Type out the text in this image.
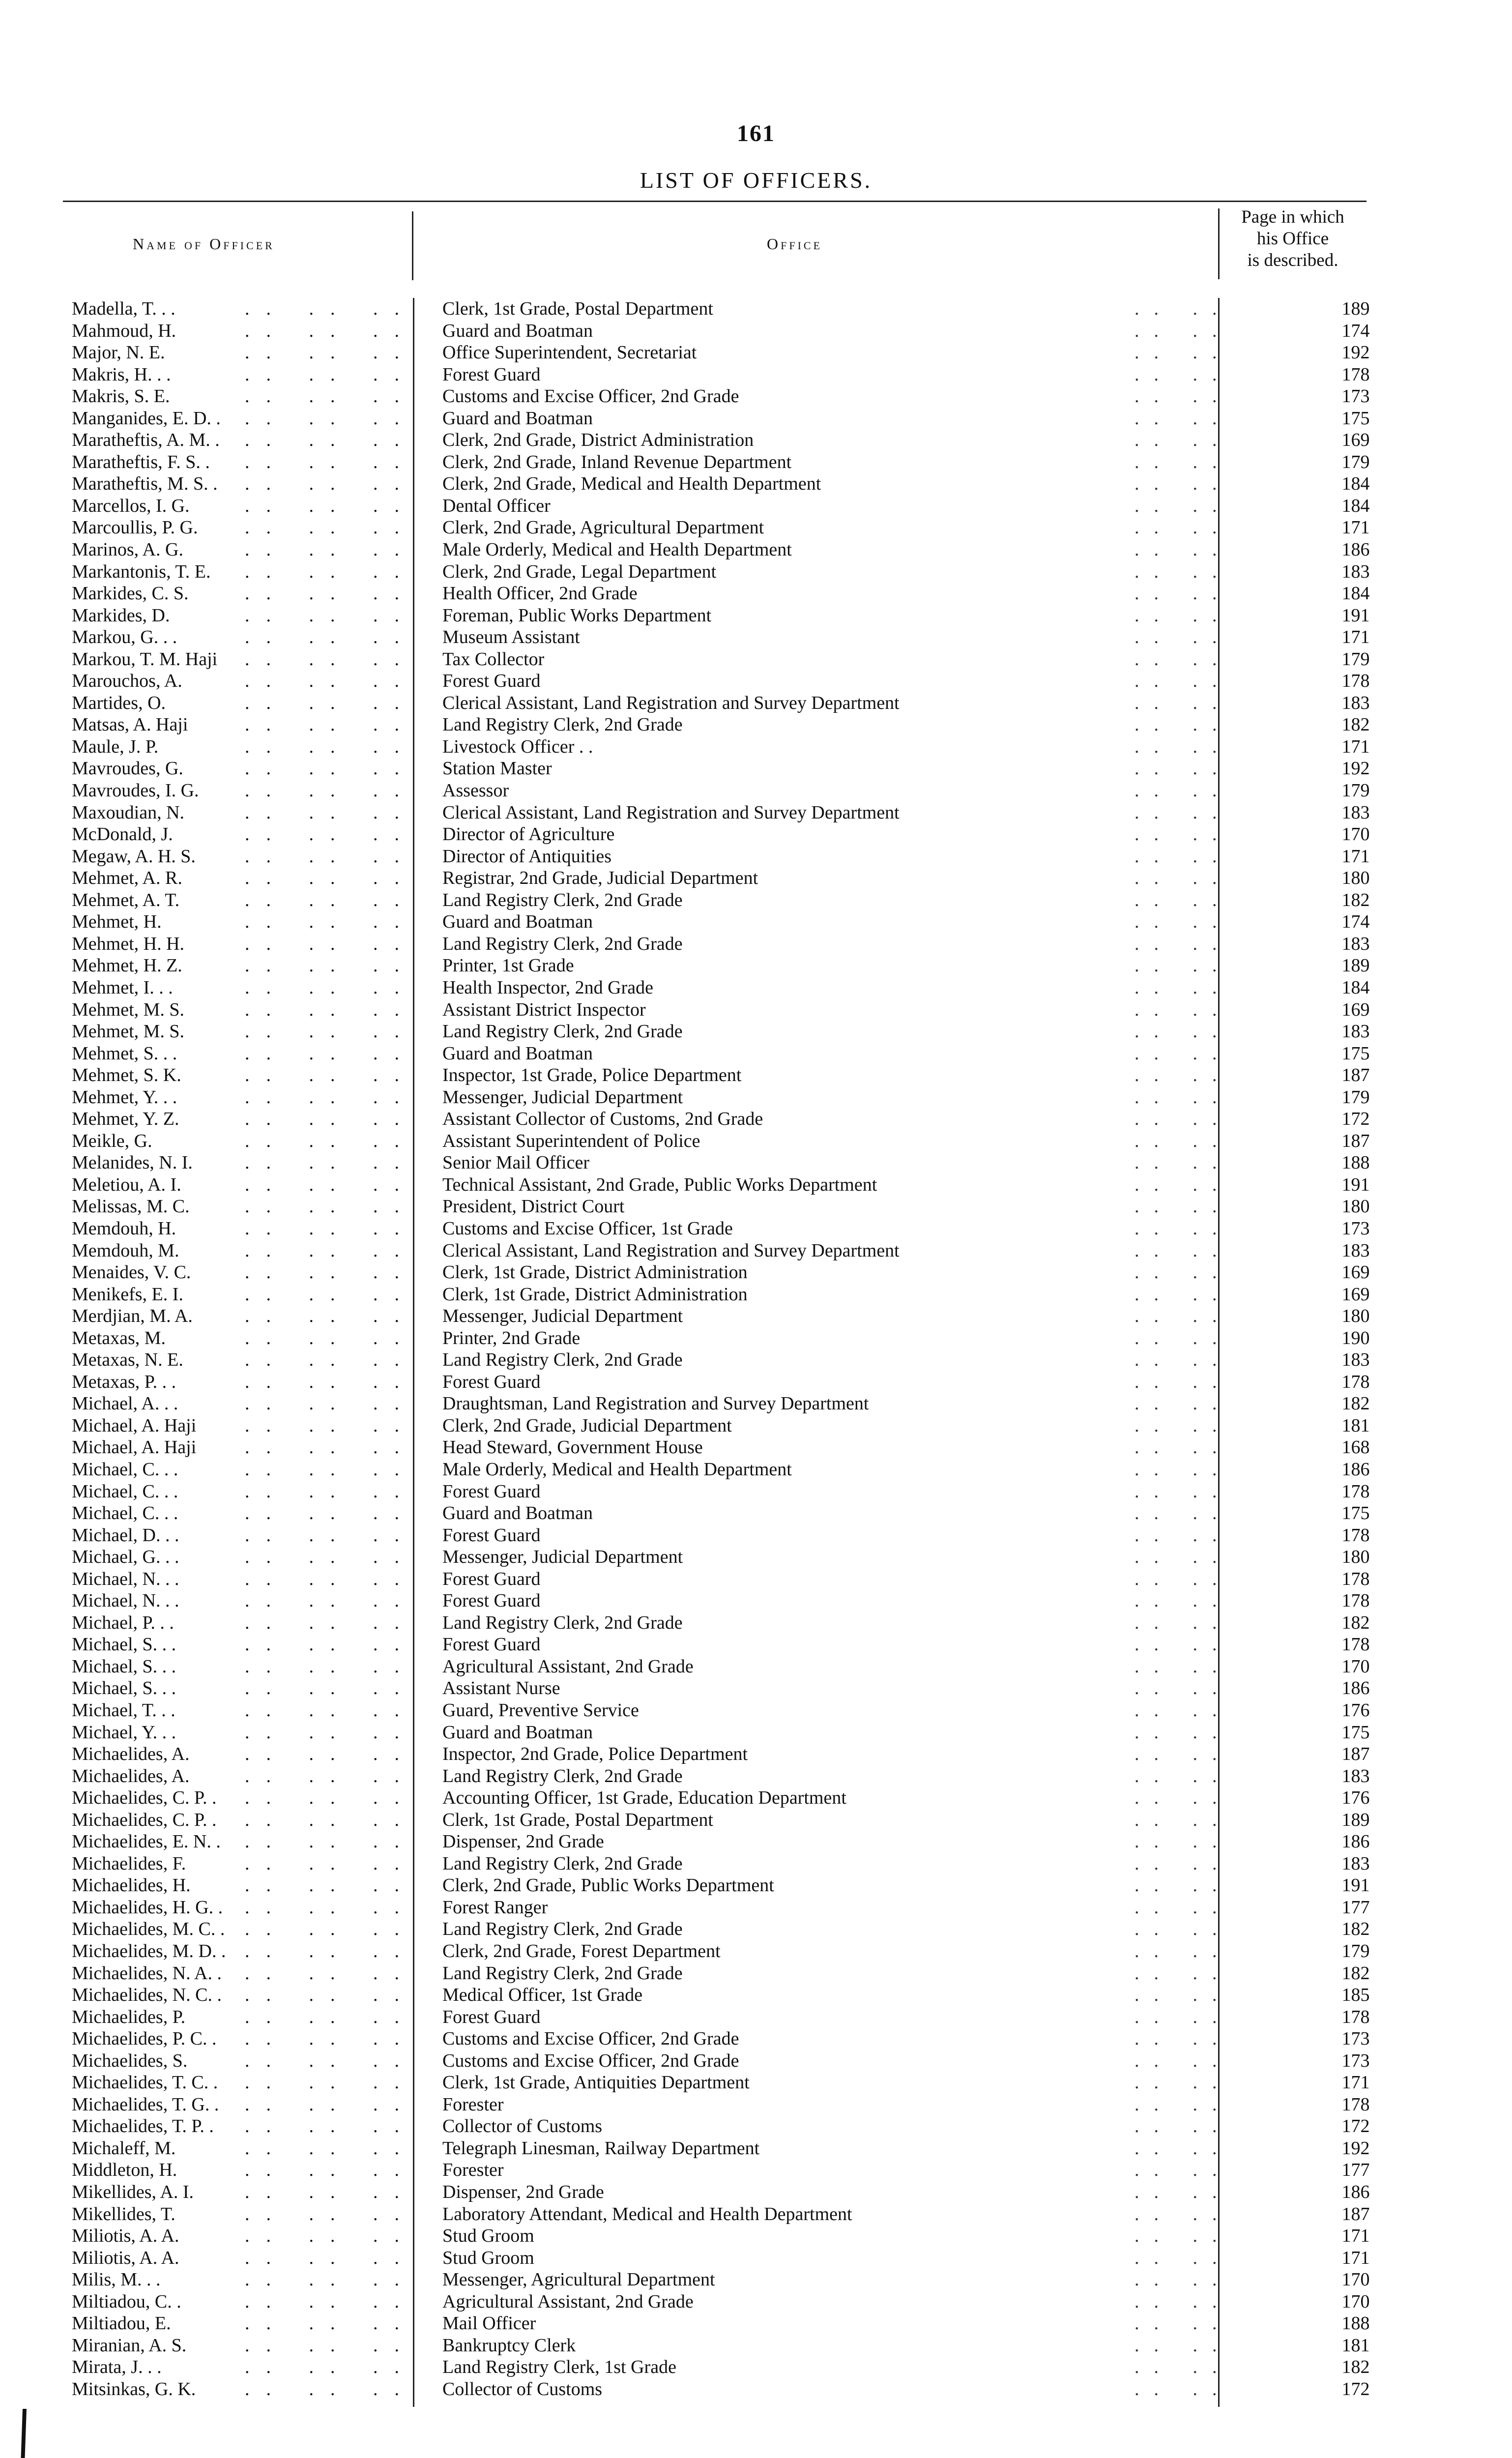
161
LIST OF OFFICERS.
Name of Officer	Office
Page in which
his Office
is described.
Madella, T. . .	.. .. .. Clerk, 1st Grade, Postal Department	.. ..	189
Mahmoud, H.	.. .. .. Guard and Boatman	.. ..	174
Major, N. E.	.. .. .. Office Superintendent, Secretariat	.. ..	192
Makris, H. . .	.. .. .. Forest Guard	.. ..	178
Makris, S. E.	.. .. .. Customs and Excise Officer, 2nd Grade	.. ..	173
Manganides, E. D. . .. .. .. Guard and Boatman	.. ..	175
Maratheftis, A. M. . .. .. .. Clerk, 2nd Grade, District Administration	.. ..	169
Maratheftis, F. S. . .. .. .. Clerk, 2nd Grade, Inland Revenue Department	.. ..	179
Maratheftis, M. S. . .. .. .. Clerk, 2nd Grade, Medical and Health Department	.. ..	184
Marcellos, I. G.	.. .. .. Dental Officer	.. ..	184
Marcoullis, P. G.	.. .. .. Clerk, 2nd Grade, Agricultural Department	.. ..	171
Marinos, A. G.	.. .. .. Male Orderly, Medical and Health Department	.. ..	186
Markantonis, T. E. .. .. .. Clerk, 2nd Grade, Legal Department	.. ..	183
Markides, C. S.	.. .. .. Health Officer, 2nd Grade	.. ..	184
Markides, D.	.. .. .. Foreman, Public Works Department	.. ..	191
Markou, G. . .	.. .. .. Museum Assistant	.. ..	171
Markou, T. M. Haji .. .. .. Tax Collector	.. ..	179
Marouchos, A.	.. .. .. Forest Guard	.. ..	178
Martides, O.	.. .. .. Clerical Assistant, Land Registration and Survey Department	.. ..	183
Matsas, A. Haji	.. .. .. Land Registry Clerk, 2nd Grade	.. ..	182
Maule, J. P.	.. .. .. Livestock Officer . .	.. ..	171
Mavroudes, G.	.. .. .. Station Master	.. ..	192
Mavroudes, I. G. .. .. .. Assessor	.. ..	179
Maxoudian, N.	.. .. .. Clerical Assistant, Land Registration and Survey Department	.. ..	183
McDonald, J.	.. .. .. Director of Agriculture	.. ..	170
Megaw, A. H. S.	.. .. .. Director of Antiquities	.. ..	171
Mehmet, A. R.	.. .. .. Registrar, 2nd Grade, Judicial Department	.. ..	180
Mehmet, A. T.	.. .. .. Land Registry Clerk, 2nd Grade	.. ..	182
Mehmet, H.	.. .. .. Guard and Boatman	.. ..	174
Mehmet, H. H.	.. .. .. Land Registry Clerk, 2nd Grade	.. ..	183
Mehmet, H. Z.	.. .. .. Printer, 1st Grade	.. ..	189
Mehmet, I. . .	.. .. .. Health Inspector, 2nd Grade	.. ..	184
Mehmet, M. S.	.. .. .. Assistant District Inspector	.. ..	169
Mehmet, M. S.	.. .. .. Land Registry Clerk, 2nd Grade	.. ..	183
Mehmet, S. . .	.. .. .. Guard and Boatman	.. ..	175
Mehmet, S. K.	.. .. .. Inspector, 1st Grade, Police Department	.. ..	187
Mehmet, Y. . .	.. .. .. Messenger, Judicial Department	.. ..	179
Mehmet, Y. Z.	.. .. .. Assistant Collector of Customs, 2nd Grade	.. ..	172
Meikle, G.	.. .. .. Assistant Superintendent of Police	.. ..	187
Melanides, N. I.	.. .. .. Senior Mail Officer	.. ..	188
Meletiou, A. I.	.. .. .. Technical Assistant, 2nd Grade, Public Works Department	.. ..	191
Melissas, M. C.	.. .. .. President, District Court	.. ..	180
Memdouh, H.	.. .. .. Customs and Excise Officer, 1st Grade	.. ..	173
Memdouh, M.	.. .. .. Clerical Assistant, Land Registration and Survey Department	.. ..	183
Menaides, V. C.	.. .. .. Clerk, 1st Grade, District Administration	.. ..	169
Menikefs, E. I.	.. .. .. Clerk, 1st Grade, District Administration	.. ..	169
Merdjian, M. A.	.. .. .. Messenger, Judicial Department	.. ..	180
Metaxas, M.	.. .. .. Printer, 2nd Grade	.. ..	190
Metaxas, N. E.	.. .. .. Land Registry Clerk, 2nd Grade	.. ..	183
Metaxas, P. . .	.. .. .. Forest Guard	.. ..	178
Michael, A. . .	.. .. .. Draughtsman, Land Registration and Survey Department	.. ..	182
Michael, A. Haji	.. .. .. Clerk, 2nd Grade, Judicial Department	.. ..	181
Michael, A. Haji	.. .. .. Head Steward, Government House	.. ..	168
Michael, C. . .	.. .. .. Male Orderly, Medical and Health Department	.. ..	186
Michael, C. . .	.. .. .. Forest Guard	.. ..	178
Michael, C. . .	.. .. .. Guard and Boatman	.. ..	175
Michael, D. . .	.. .. .. Forest Guard	.. ..	178
Michael, G. . .	.. .. .. Messenger, Judicial Department	.. ..	180
Michael, N. . .	.. .. .. Forest Guard	.. ..	178
Michael, N. . .	.. .. .. Forest Guard	.. ..	178
Michael, P. . .	.. .. .. Land Registry Clerk, 2nd Grade	.. ..	182
Michael, S. . .	.. .. .. Forest Guard	.. ..	178
Michael, S. . .	.. .. .. Agricultural Assistant, 2nd Grade	.. ..	170
Michael, S. . .	.. .. .. Assistant Nurse	.. ..	186
Michael, T. . .	.. .. .. Guard, Preventive Service	.. ..	176
Michael, Y. . .	.. .. .. Guard and Boatman	.. ..	175
Michaelides, A.	.. .. .. Inspector, 2nd Grade, Police Department	.. ..	187
Michaelides, A.	.. .. .. Land Registry Clerk, 2nd Grade	.. ..	183
Michaelides, C. P. . .. .. .. Accounting Officer, 1st Grade, Education Department	.. ..	176
Michaelides, C. P. . .. .. .. Clerk, 1st Grade, Postal Department	.. ..	189
Michaelides, E. N. . .. .. .. Dispenser, 2nd Grade	.. ..	186
Michaelides, F.	.. .. .. Land Registry Clerk, 2nd Grade	.. ..	183
Michaelides, H.	.. .. .. Clerk, 2nd Grade, Public Works Department	.. ..	191
Michaelides, H. G. . .. .. .. Forest Ranger	.. ..	177
Michaelides, M. C. . .. .. .. Land Registry Clerk, 2nd Grade	.. ..	182
Michaelides, M. D. . .. .. .. Clerk, 2nd Grade, Forest Department	.. ..	179
Michaelides, N. A. . .. .. .. Land Registry Clerk, 2nd Grade	.. ..	182
Michaelides, N. C. . .. .. .. Medical Officer, 1st Grade	.. ..	185
Michaelides, P.	.. .. .. Forest Guard	.. ..	178
Michaelides, P. C. . .. .. .. Customs and Excise Officer, 2nd Grade	.. ..	173
Michaelides, S.	.. .. .. Customs and Excise Officer, 2nd Grade	.. ..	173
Michaelides, T. C. . .. .. .. Clerk, 1st Grade, Antiquities Department	.. ..	171
Michaelides, T. G. . .. .. .. Forester	.. ..	178
Michaelides, T. P. . .. .. .. Collector of Customs	.. ..	172
Michaleff, M.	.. .. .. Telegraph Linesman, Railway Department	.. ..	192
Middleton, H.	.. .. .. Forester	.. ..	177
Mikellides, A. I.	.. .. .. Dispenser, 2nd Grade	.. ..	186
Mikellides, T.	.. .. .. Laboratory Attendant, Medical and Health Department	.. ..	187
Miliotis, A. A.	.. .. .. Stud Groom	.. ..	171
Miliotis, A. A.	.. .. .. Stud Groom	.. ..	171
Milis, M. . .	.. .. .. Messenger, Agricultural Department	.. ..	170
Miltiadou, C. .	.. .. .. Agricultural Assistant, 2nd Grade	.. ..	170
Miltiadou, E.	.. .. .. Mail Officer	.. ..	188
Miranian, A. S.	.. .. .. Bankruptcy Clerk	.. ..	181
Mirata, J. . .	.. .. .. Land Registry Clerk, 1st Grade	.. ..	182
Mitsinkas, G. K.	.. .. .. Collector of Customs	.. ..	172
